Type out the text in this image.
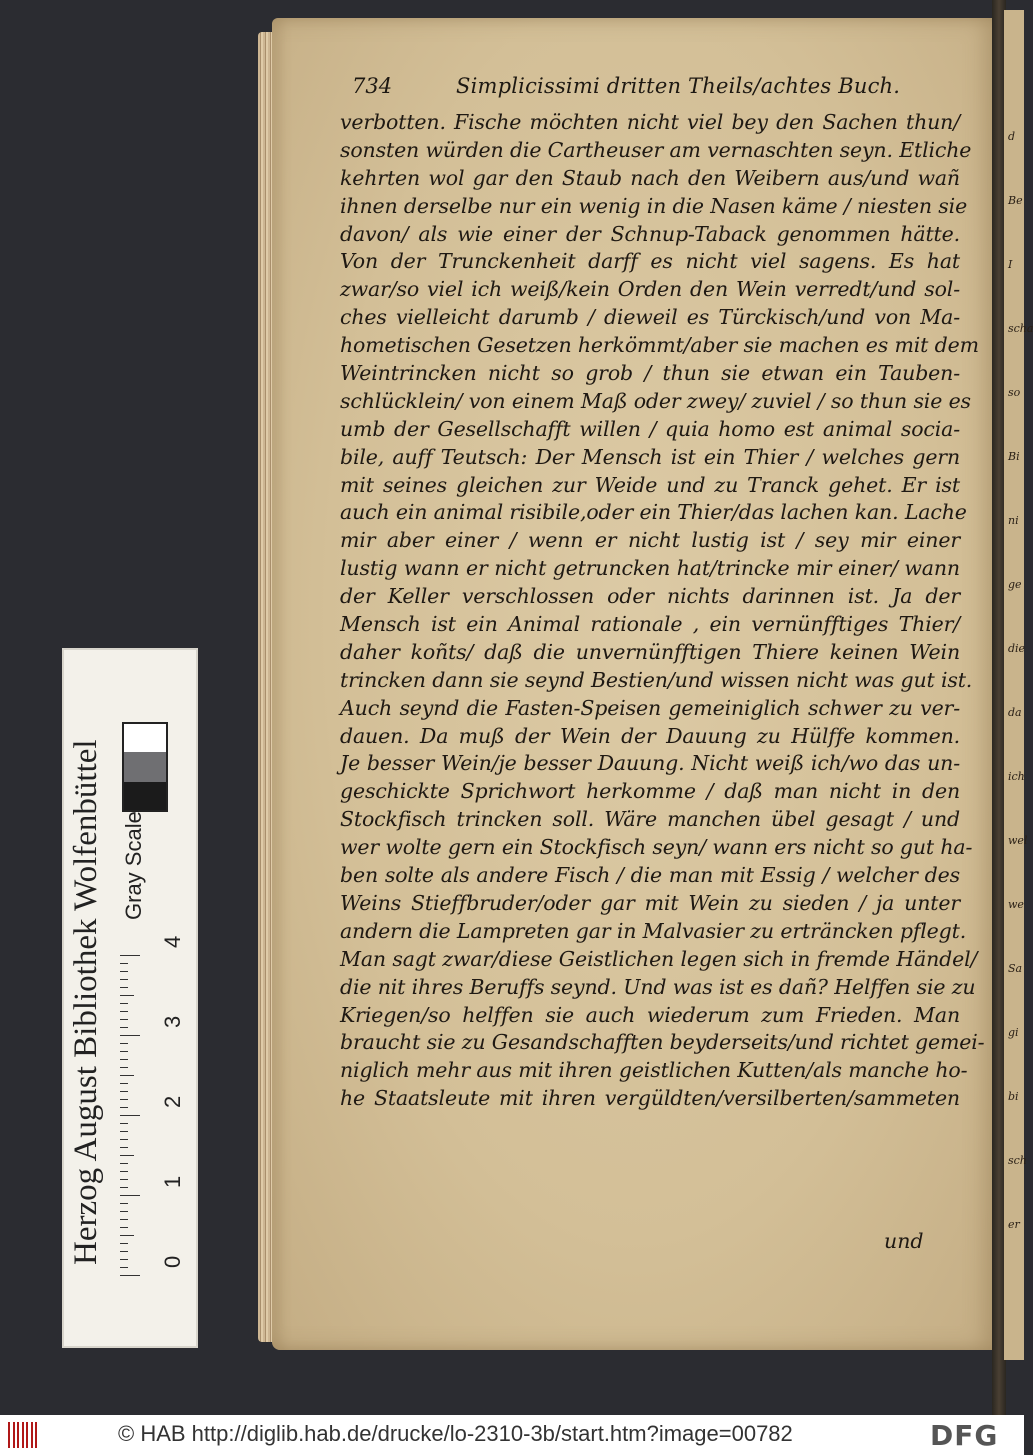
d
Be
I
scha
so
Bi
ni
ge
die
da
ich
wel
we
Sa
gi
bi
sch
er
734	Simplicissimi dritten Theils/achtes Buch.
verbotten. Fische möchten nicht viel bey den Sachen thun/
sonsten würden die Cartheuser am vernaschten seyn. Etliche
kehrten wol gar den Staub nach den Weibern aus/und wañ
ihnen derselbe nur ein wenig in die Nasen käme / niesten sie
davon/ als wie einer der Schnup-Taback genommen hätte.
Von der Trunckenheit darff es nicht viel sagens. Es hat
zwar/so viel ich weiß/kein Orden den Wein verredt/und sol-
ches vielleicht darumb / dieweil es Türckisch/und von Ma-
hometischen Gesetzen herkömmt/aber sie machen es mit dem
Weintrincken nicht so grob / thun sie etwan ein Tauben-
schlücklein/ von einem Maß oder zwey/ zuviel / so thun sie es
umb der Gesellschafft willen / quia homo est animal socia-
bile, auff Teutsch: Der Mensch ist ein Thier / welches gern
mit seines gleichen zur Weide und zu Tranck gehet. Er ist
auch ein animal risibile,oder ein Thier/das lachen kan. Lache
mir aber einer / wenn er nicht lustig ist / sey mir einer
lustig wann er nicht getruncken hat/trincke mir einer/ wann
der Keller verschlossen oder nichts darinnen ist. Ja der
Mensch ist ein Animal rationale , ein vernünfftiges Thier/
daher koñts/ daß die unvernünfftigen Thiere keinen Wein
trincken dann sie seynd Bestien/und wissen nicht was gut ist.
Auch seynd die Fasten-Speisen gemeiniglich schwer zu ver-
dauen. Da muß der Wein der Dauung zu Hülffe kommen.
Je besser Wein/je besser Dauung. Nicht weiß ich/wo das un-
geschickte Sprichwort herkomme / daß man nicht in den
Stockfisch trincken soll. Wäre manchen übel gesagt / und
wer wolte gern ein Stockfisch seyn/ wann ers nicht so gut ha-
ben solte als andere Fisch / die man mit Essig / welcher des
Weins Stieffbruder/oder gar mit Wein zu sieden / ja unter
andern die Lampreten gar in Malvasier zu erträncken pflegt.
Man sagt zwar/diese Geistlichen legen sich in fremde Händel/
die nit ihres Beruffs seynd. Und was ist es dañ? Helffen sie zu
Kriegen/so helffen sie auch wiederum zum Frieden. Man
braucht sie zu Gesandschafften beyderseits/und richtet gemei-
niglich mehr aus mit ihren geistlichen Kutten/als manche ho-
he Staatsleute mit ihren vergüldten/versilberten/sammeten
und
Herzog August Bibliothek Wolfenbüttel Gray Scale
0
1
2
3
4
© HAB http://diglib.hab.de/drucke/lo-2310-3b/start.htm?image=00782	DFG
